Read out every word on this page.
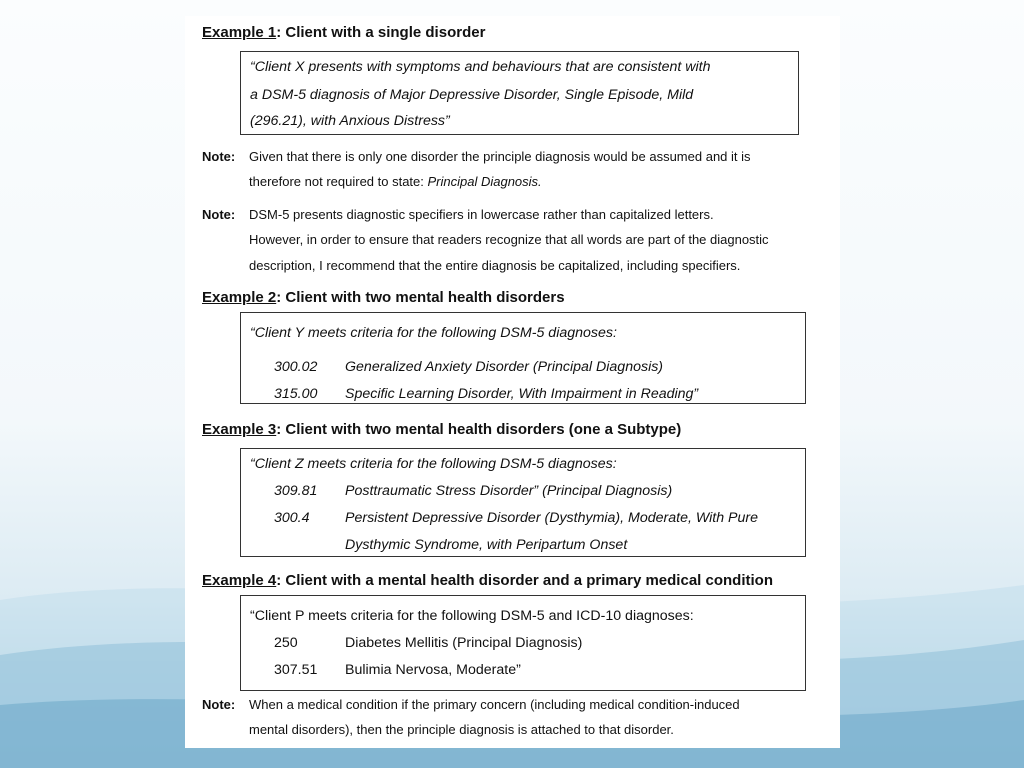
Example 1: Client with a single disorder
“Client X presents with symptoms and behaviours that are consistent with
a DSM-5 diagnosis of Major Depressive Disorder, Single Episode, Mild
(296.21), with Anxious Distress”
Note: Given that there is only one disorder the principle diagnosis would be assumed and it is
therefore not required to state: Principal Diagnosis.
Note: DSM-5 presents diagnostic specifiers in lowercase rather than capitalized letters.
However, in order to ensure that readers recognize that all words are part of the diagnostic
description, I recommend that the entire diagnosis be capitalized, including specifiers.
Example 2: Client with two mental health disorders
“Client Y meets criteria for the following DSM-5 diagnoses:
300.02 Generalized Anxiety Disorder (Principal Diagnosis)
315.00 Specific Learning Disorder, With Impairment in Reading”
Example 3: Client with two mental health disorders (one a Subtype)
“Client Z meets criteria for the following DSM-5 diagnoses:
309.81 Posttraumatic Stress Disorder” (Principal Diagnosis)
300.4 Persistent Depressive Disorder (Dysthymia), Moderate, With Pure
Dysthymic Syndrome, with Peripartum Onset
Example 4: Client with a mental health disorder and a primary medical condition
“Client P meets criteria for the following DSM-5 and ICD-10 diagnoses:
250	Diabetes Mellitis (Principal Diagnosis)
307.51 Bulimia Nervosa, Moderate”
Note: When a medical condition if the primary concern (including medical condition-induced
mental disorders), then the principle diagnosis is attached to that disorder.
